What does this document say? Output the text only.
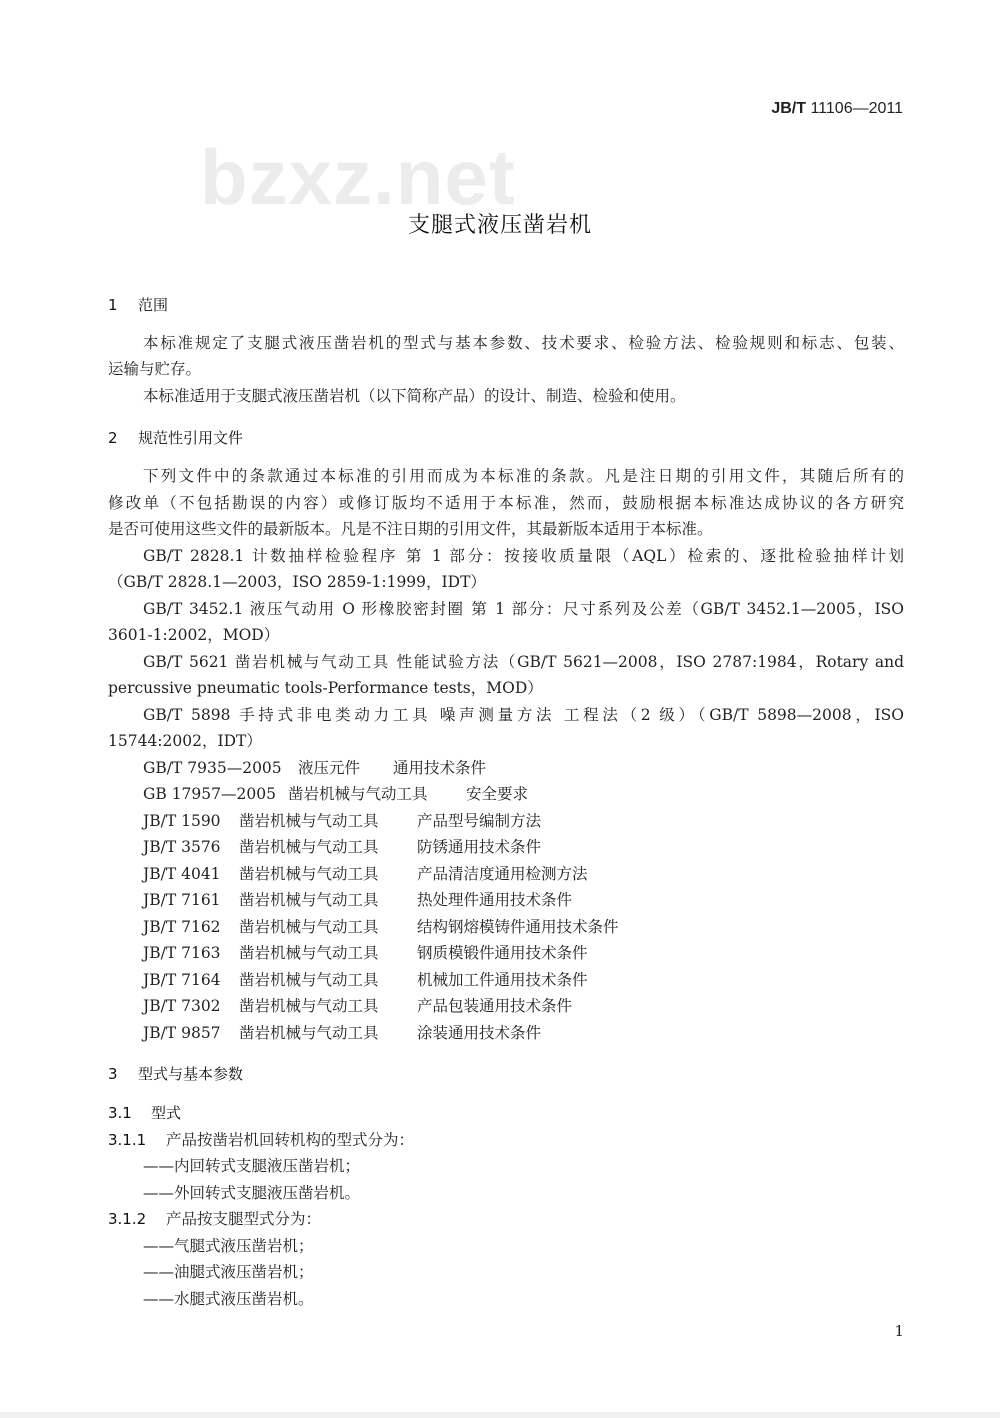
JB/T 11106—2011
bzxz.net
支腿式液压凿岩机
1 范围
本标准规定了支腿式液压凿岩机的型式与基本参数、技术要求、检验方法、检验规则和标志、包装、
运输与贮存。
本标准适用于支腿式液压凿岩机（以下简称产品）的设计、制造、检验和使用。
2 规范性引用文件
下列文件中的条款通过本标准的引用而成为本标准的条款。凡是注日期的引用文件，其随后所有的
修改单（不包括勘误的内容）或修订版均不适用于本标准，然而，鼓励根据本标准达成协议的各方研究
是否可使用这些文件的最新版本。凡是不注日期的引用文件，其最新版本适用于本标准。
GB/T 2828.1 计数抽样检验程序 第 1 部分：按接收质量限（AQL）检索的、逐批检验抽样计划
（GB/T 2828.1—2003，ISO 2859-1:1999，IDT）
GB/T 3452.1 液压气动用 O 形橡胶密封圈 第 1 部分：尺寸系列及公差（GB/T 3452.1—2005，ISO
3601-1:2002，MOD）
GB/T 5621 凿岩机械与气动工具 性能试验方法（GB/T 5621—2008，ISO 2787:1984，Rotary and
percussive pneumatic tools-Performance tests，MOD）
GB/T 5898 手持式非电类动力工具 噪声测量方法 工程法（2 级）（GB/T 5898—2008，ISO
15744:2002，IDT）
GB/T 7935—2005 液压元件 通用技术条件
GB 17957—2005 凿岩机械与气动工具 安全要求
JB/T 1590 凿岩机械与气动工具 产品型号编制方法
JB/T 3576 凿岩机械与气动工具 防锈通用技术条件
JB/T 4041 凿岩机械与气动工具 产品清洁度通用检测方法
JB/T 7161 凿岩机械与气动工具 热处理件通用技术条件
JB/T 7162 凿岩机械与气动工具 结构钢熔模铸件通用技术条件
JB/T 7163 凿岩机械与气动工具 钢质模锻件通用技术条件
JB/T 7164 凿岩机械与气动工具 机械加工件通用技术条件
JB/T 7302 凿岩机械与气动工具 产品包装通用技术条件
JB/T 9857 凿岩机械与气动工具 涂装通用技术条件
3 型式与基本参数
3.1 型式
3.1.1 产品按凿岩机回转机构的型式分为：
——内回转式支腿液压凿岩机；
——外回转式支腿液压凿岩机。
3.1.2 产品按支腿型式分为：
——气腿式液压凿岩机；
——油腿式液压凿岩机；
——水腿式液压凿岩机。
1
